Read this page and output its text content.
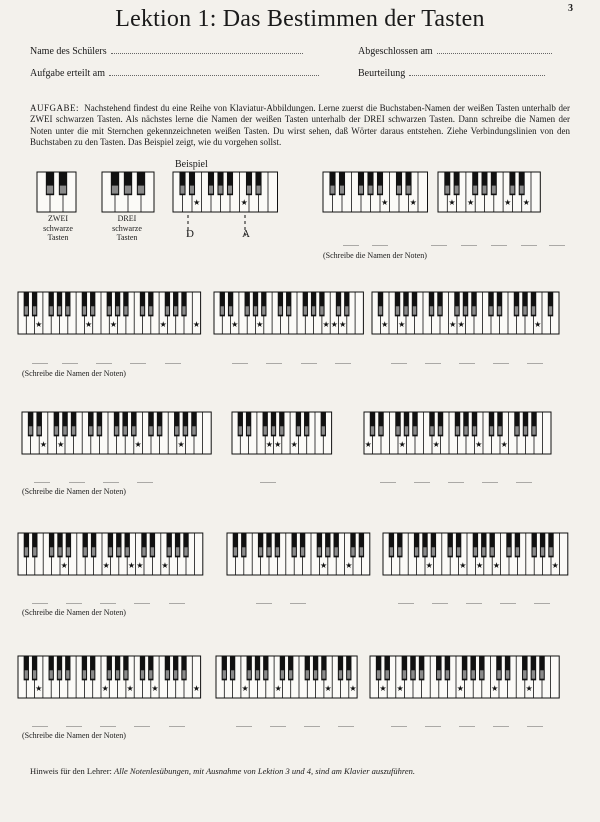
3
Lektion 1: Das Bestimmen der Tasten
Name des Schülers	Abgeschlossen am
Aufgabe erteilt am	Beurteilung
AUFGABE: Nachstehend findest du eine Reihe von Klaviatur-Abbildungen. Lerne zuerst die Buchstaben-Namen der weißen Tasten unterhalb der ZWEI schwarzen Tasten. Als nächstes lerne die Namen der weißen Tasten unterhalb der DREI schwarzen Tasten. Dann schreibe die Namen der Noten unter die mit Sternchen gekennzeichneten weißen Tasten. Du wirst sehen, daß Wörter daraus entstehen. Ziehe Verbindungslinien von den Buchstaben zu den Tasten. Das Beispiel zeigt, wie du vorgehen sollst.

ZWEI
schwarze
Tasten

DREI
schwarze
Tasten
Beispiel
D	A
(Schreibe die Namen der Noten)
(Schreibe die Namen der Noten)
(Schreibe die Namen der Noten)
(Schreibe die Namen der Noten)
(Schreibe die Namen der Noten)
Hinweis für den Lehrer: Alle Notenlesübungen, mit Ausnahme von Lektion 3 und 4, sind am Klavier auszuführen.
★	★	★	★
........ ........
★ ★	★ ★
........ ........ ........ ........ ........
★	★ ★	★	★
........ ........ ........ ........ ........
★ ★	★ ★ ★
........ ........ ........ ........
★ ★	★ ★	★
........ ........ ........ ........ ........
★ ★	★	★
........ ........ ........ ........
★ ★ ★
........
★	★	★	★ ★
........ ........ ........ ........ ........
★	★ ★ ★ ★
........ ........ ........ ........ ........
★ ★
........ ........
★	★ ★ ★	★
........ ........ ........ ........ ........
★	★ ★ ★	★
........ ........ ........ ........ ........
★	★	★ ★
........ ........ ........ ........
★ ★	★	★	★
........ ........ ........ ........ ........
